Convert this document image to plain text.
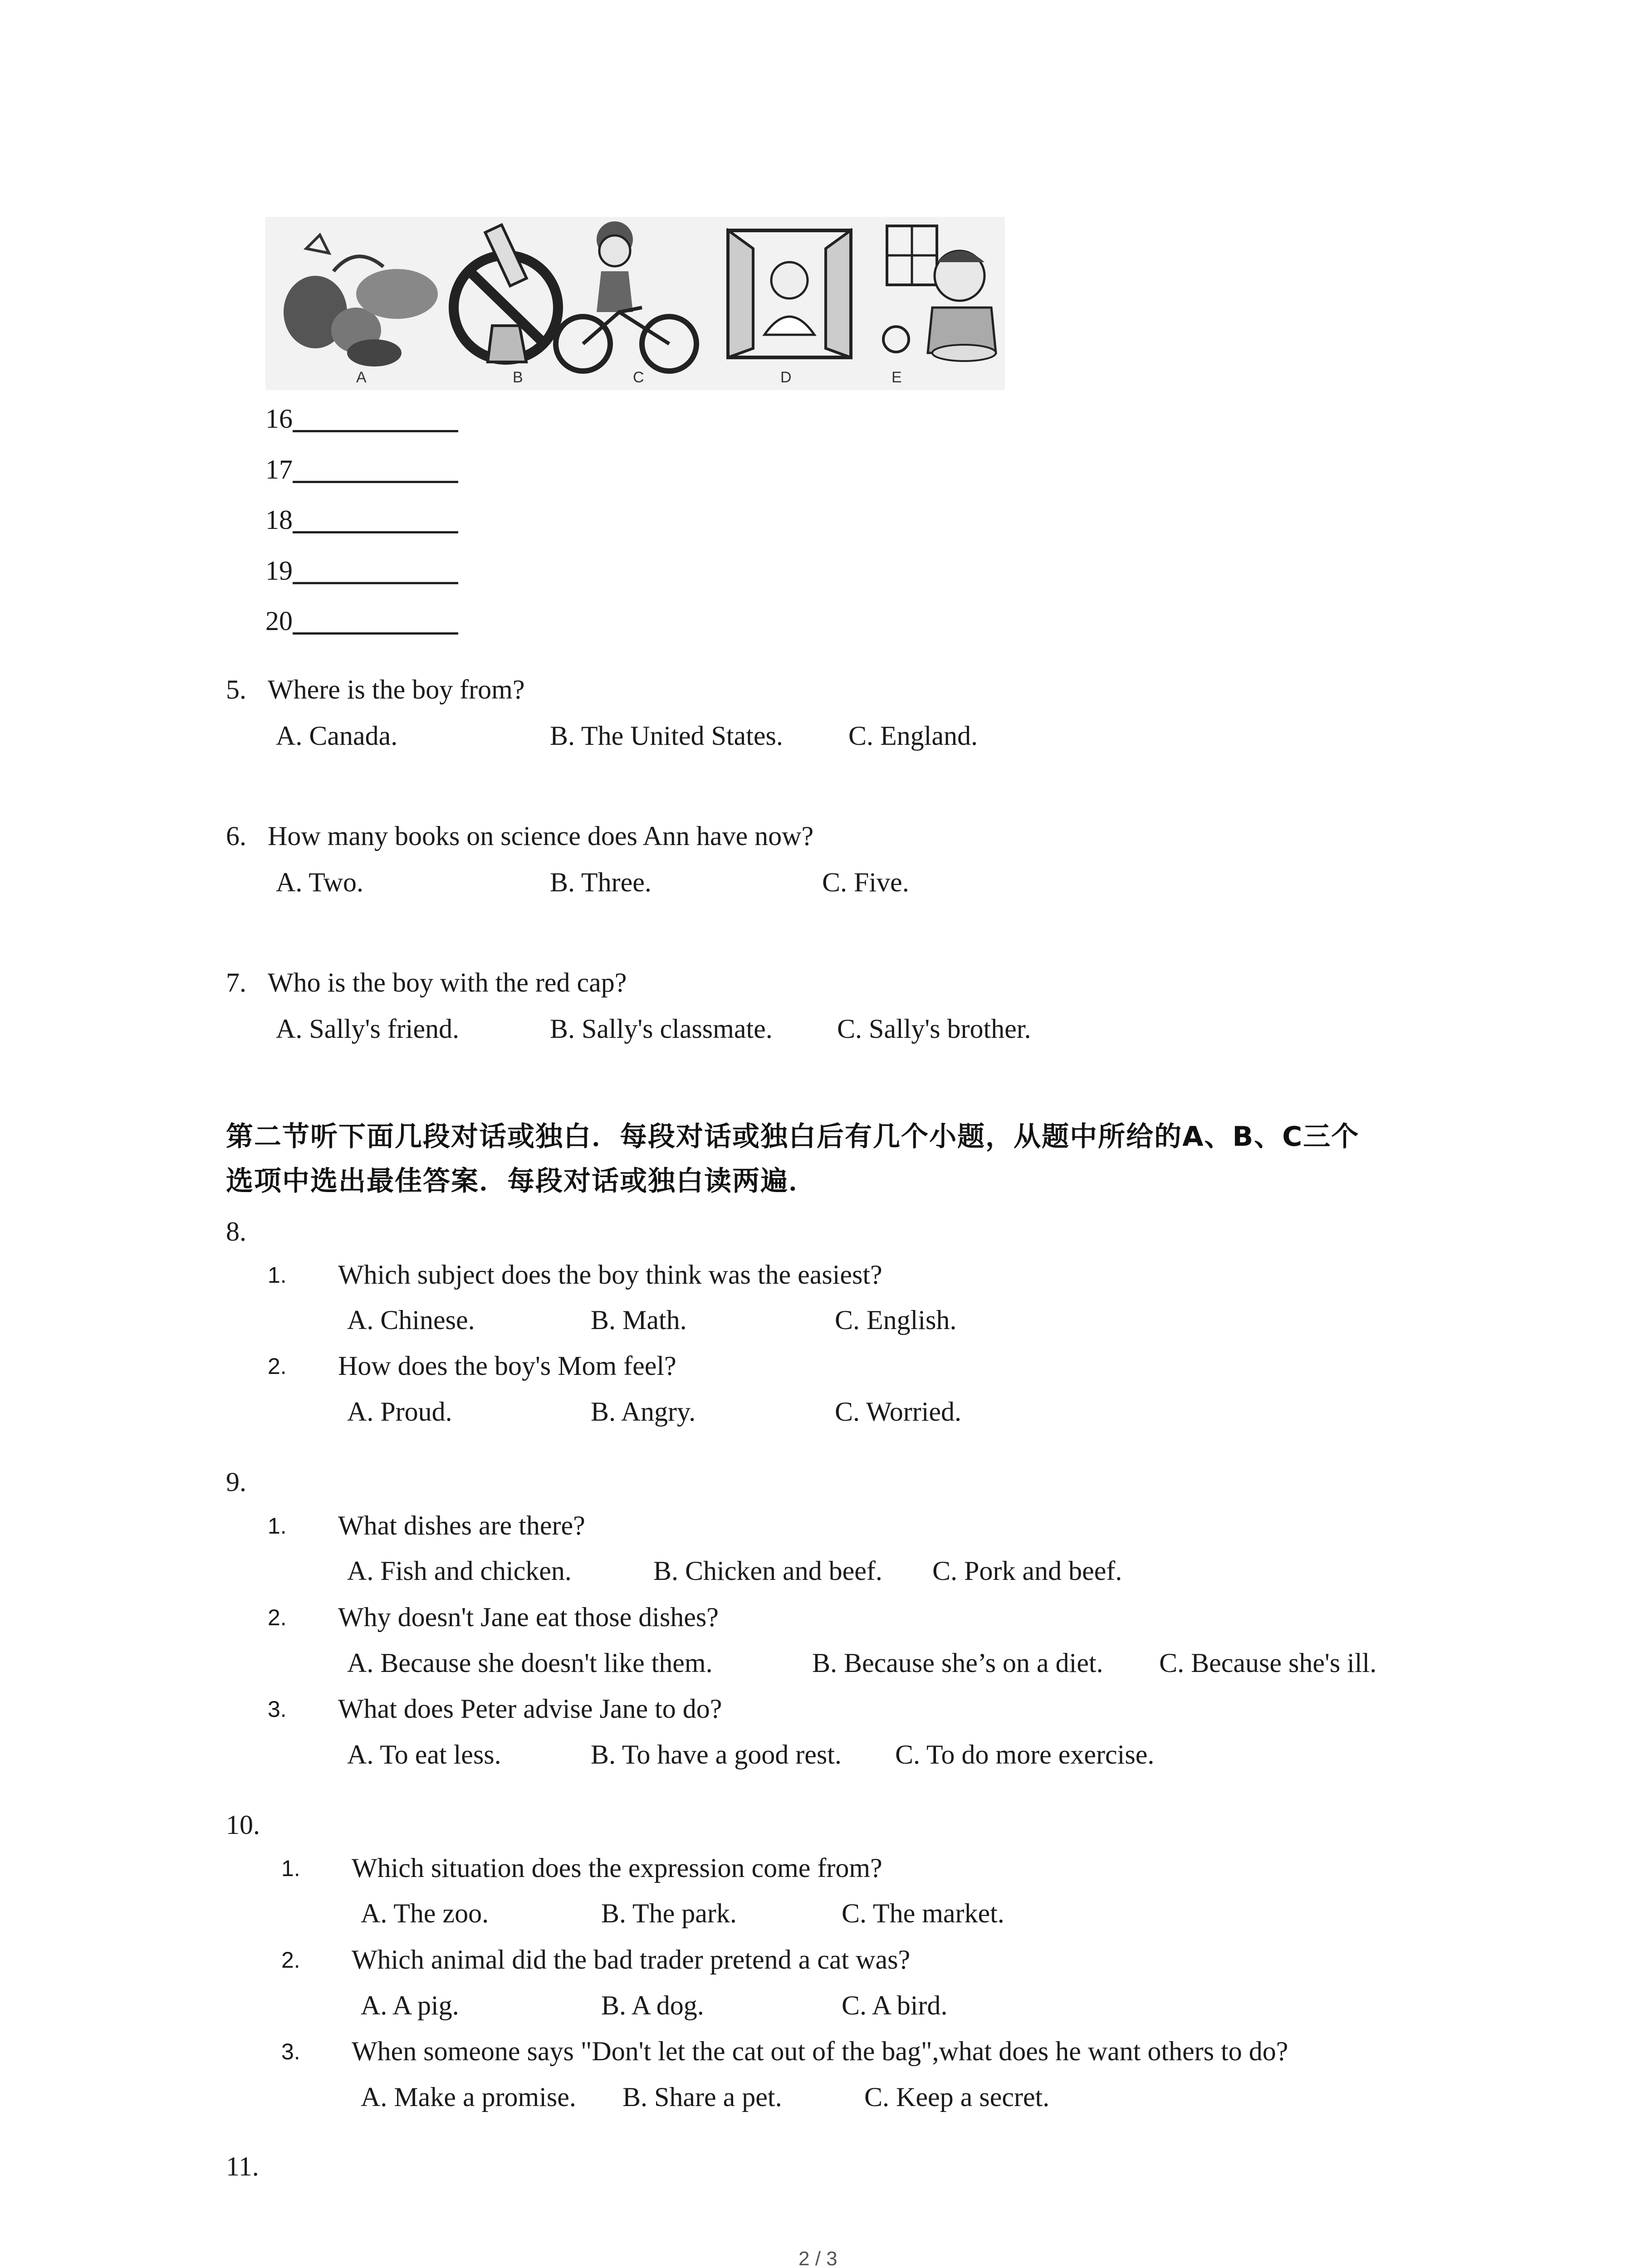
A	B	C	D	E
16
17
18
19
20
5. Where is the boy from?
A. Canada.	B. The United States. C. England.
6. How many books on science does Ann have now?
A. Two.	B. Three.	C. Five.
7. Who is the boy with the red cap?
A. Sally's friend.	B. Sally's classmate. C. Sally's brother.
第二节听下面几段对话或独白．每段对话或独白后有几个小题，从题中所给的A、B、C三个
选项中选出最佳答案．每段对话或独白读两遍．
8.
1. Which subject does the boy think was the easiest?
A. Chinese.	B. Math.	C. English.
2. How does the boy's Mom feel?
A. Proud.	B. Angry.	C. Worried.
9.
1. What dishes are there?
A. Fish and chicken.	B. Chicken and beef. C. Pork and beef.
2. Why doesn't Jane eat those dishes?
A. Because she doesn't like them.	B. Because she’s on a diet. C. Because she's ill.
3. What does Peter advise Jane to do?
A. To eat less.	B. To have a good rest. C. To do more exercise.
10.
1. Which situation does the expression come from?
A. The zoo.	B. The park.	C. The market.
2. Which animal did the bad trader pretend a cat was?
A. A pig.	B. A dog.	C. A bird.
3. When someone says "Don't let the cat out of the bag",what does he want others to do?
A. Make a promise. B. Share a pet.	C. Keep a secret.
11.
2 / 3
